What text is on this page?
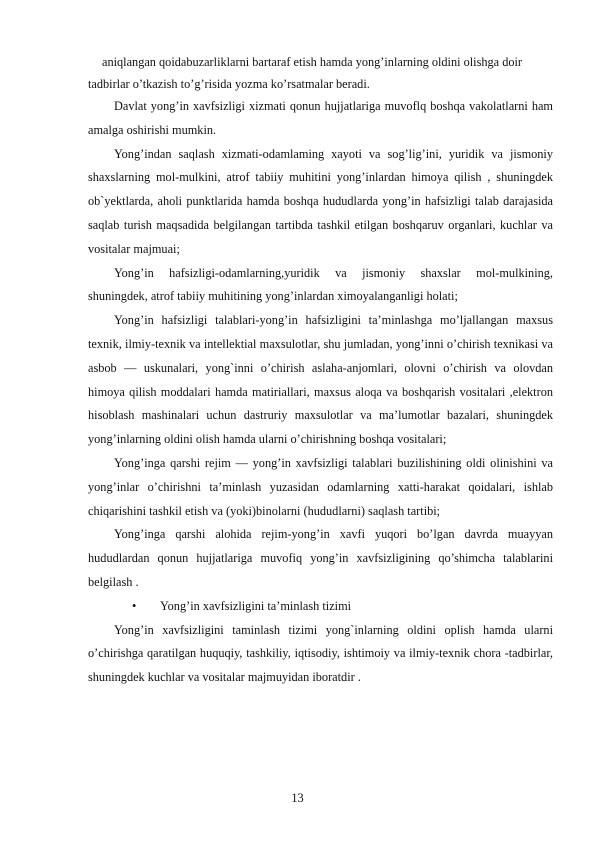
aniqlangan qoidabuzarliklarni bartaraf etish hamda yong’inlarning oldini olishga doir tadbirlar o’tkazish to’g’risida yozma ko’rsatmalar beradi.

Davlat yong’in xavfsizligi xizmati qonun hujjatlariga muvoflq boshqa vakolatlarni ham amalga oshirishi mumkin.

Yong’indan saqlash xizmati-odamlaming xayoti va sog’lig’ini, yuridik va jismoniy shaxslarning mol-mulkini, atrof tabiiy muhitini yong’inlardan himoya qilish , shuningdek ob`yektlarda, aholi punktlarida hamda boshqa hududlarda yong’in hafsizligi talab darajasida saqlab turish maqsadida belgilangan tartibda tashkil etilgan boshqaruv organlari, kuchlar va vositalar majmuai;

Yong’in hafsizligi-odamlarning,yuridik va jismoniy shaxslar mol-mulkining, shuningdek, atrof tabiiy muhitining yong’inlardan ximoyalanganligi holati;

Yong’in hafsizligi talablari-yong’in hafsizligini ta’minlashga mo’ljallangan maxsus texnik, ilmiy-texnik va intellektial maxsulotlar, shu jumladan, yong’inni o’chirish texnikasi va asbob — uskunalari, yong`inni o’chirish aslaha-anjomlari, olovni o’chirish va olovdan himoya qilish moddalari hamda matiriallari, maxsus aloqa va boshqarish vositalari ,elektron hisoblash mashinalari uchun dastruriy maxsulotlar va ma’lumotlar bazalari, shuningdek yong’inlarning oldini olish hamda ularni o’chirishning boshqa vositalari;

Yong’inga qarshi rejim — yong’in xavfsizligi talablari buzilishining oldi olinishini va yong’inlar o’chirishni ta’minlash yuzasidan odamlarning xatti-harakat qoidalari, ishlab chiqarishini tashkil etish va (yoki)binolarni (hududlarni) saqlash tartibi;

Yong’inga qarshi alohida rejim-yong’in xavfi yuqori bo’lgan davrda muayyan hududlardan qonun hujjatlariga muvofiq yong’in xavfsizligining qo’shimcha talablarini belgilash .

•	Yong’in xavfsizligini ta’minlash tizimi

Yong’in xavfsizligini taminlash tizimi yong`inlarning oldini oplish hamda ularni o’chirishga qaratilgan huquqiy, tashkiliy, iqtisodiy, ishtimoiy va ilmiy-texnik chora -tadbirlar, shuningdek kuchlar va vositalar majmuyidan iboratdir .

13
